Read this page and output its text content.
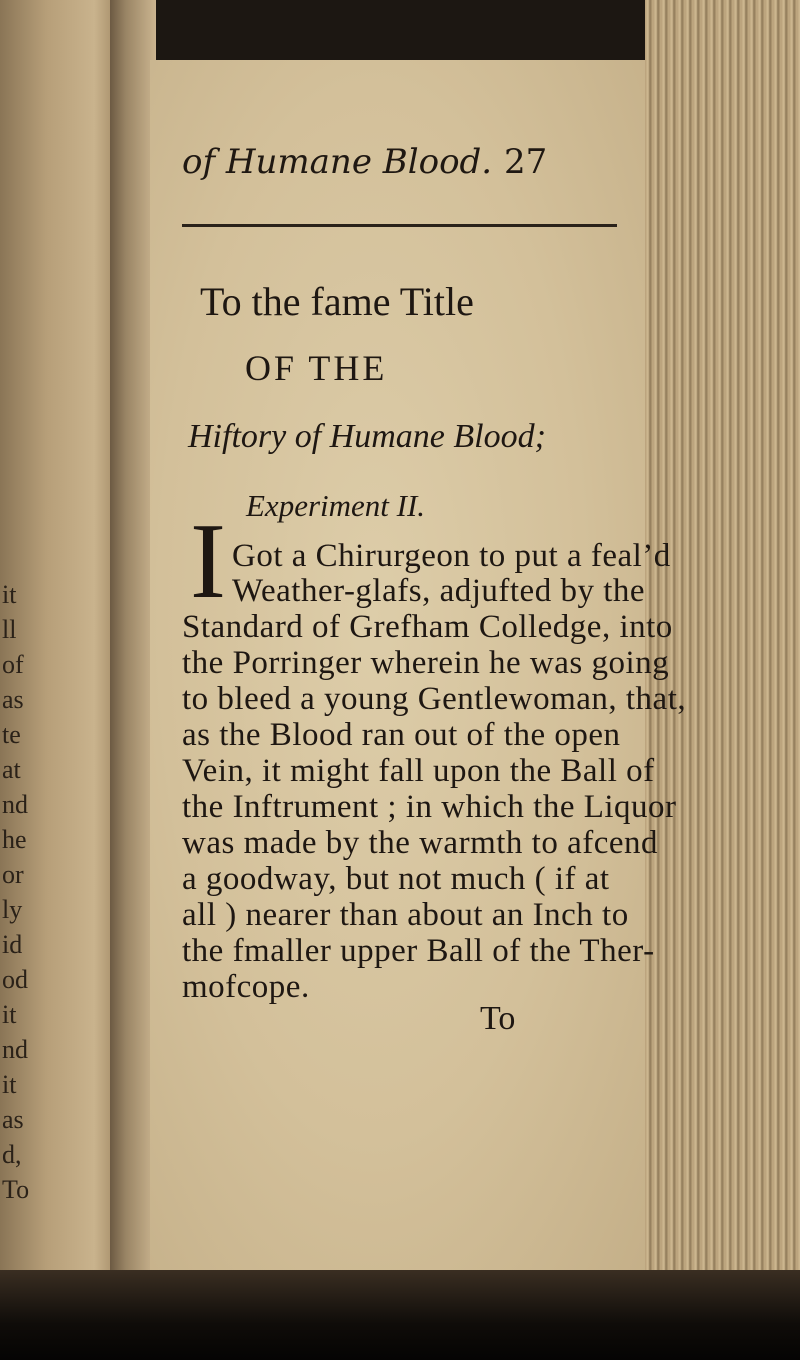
it
ll
of
as
te
at
nd
he
or
ly
id
od
it
nd
it
as
d,
To
of Humane Blood. 27
To the fame Title
OF THE
Hiftory of Humane Blood;
Experiment II.
I Got a Chirurgeon to put a feal’d
Weather-glafs, adjufted by the
Standard of Grefham Colledge, into
the Porringer wherein he was going
to bleed a young Gentlewoman, that,
as the Blood ran out of the open
Vein, it might fall upon the Ball of
the Inftrument ; in which the Liquor
was made by the warmth to afcend
a goodway, but not much ( if at
all ) nearer than about an Inch to
the fmaller upper Ball of the Ther-
mofcope.
To
